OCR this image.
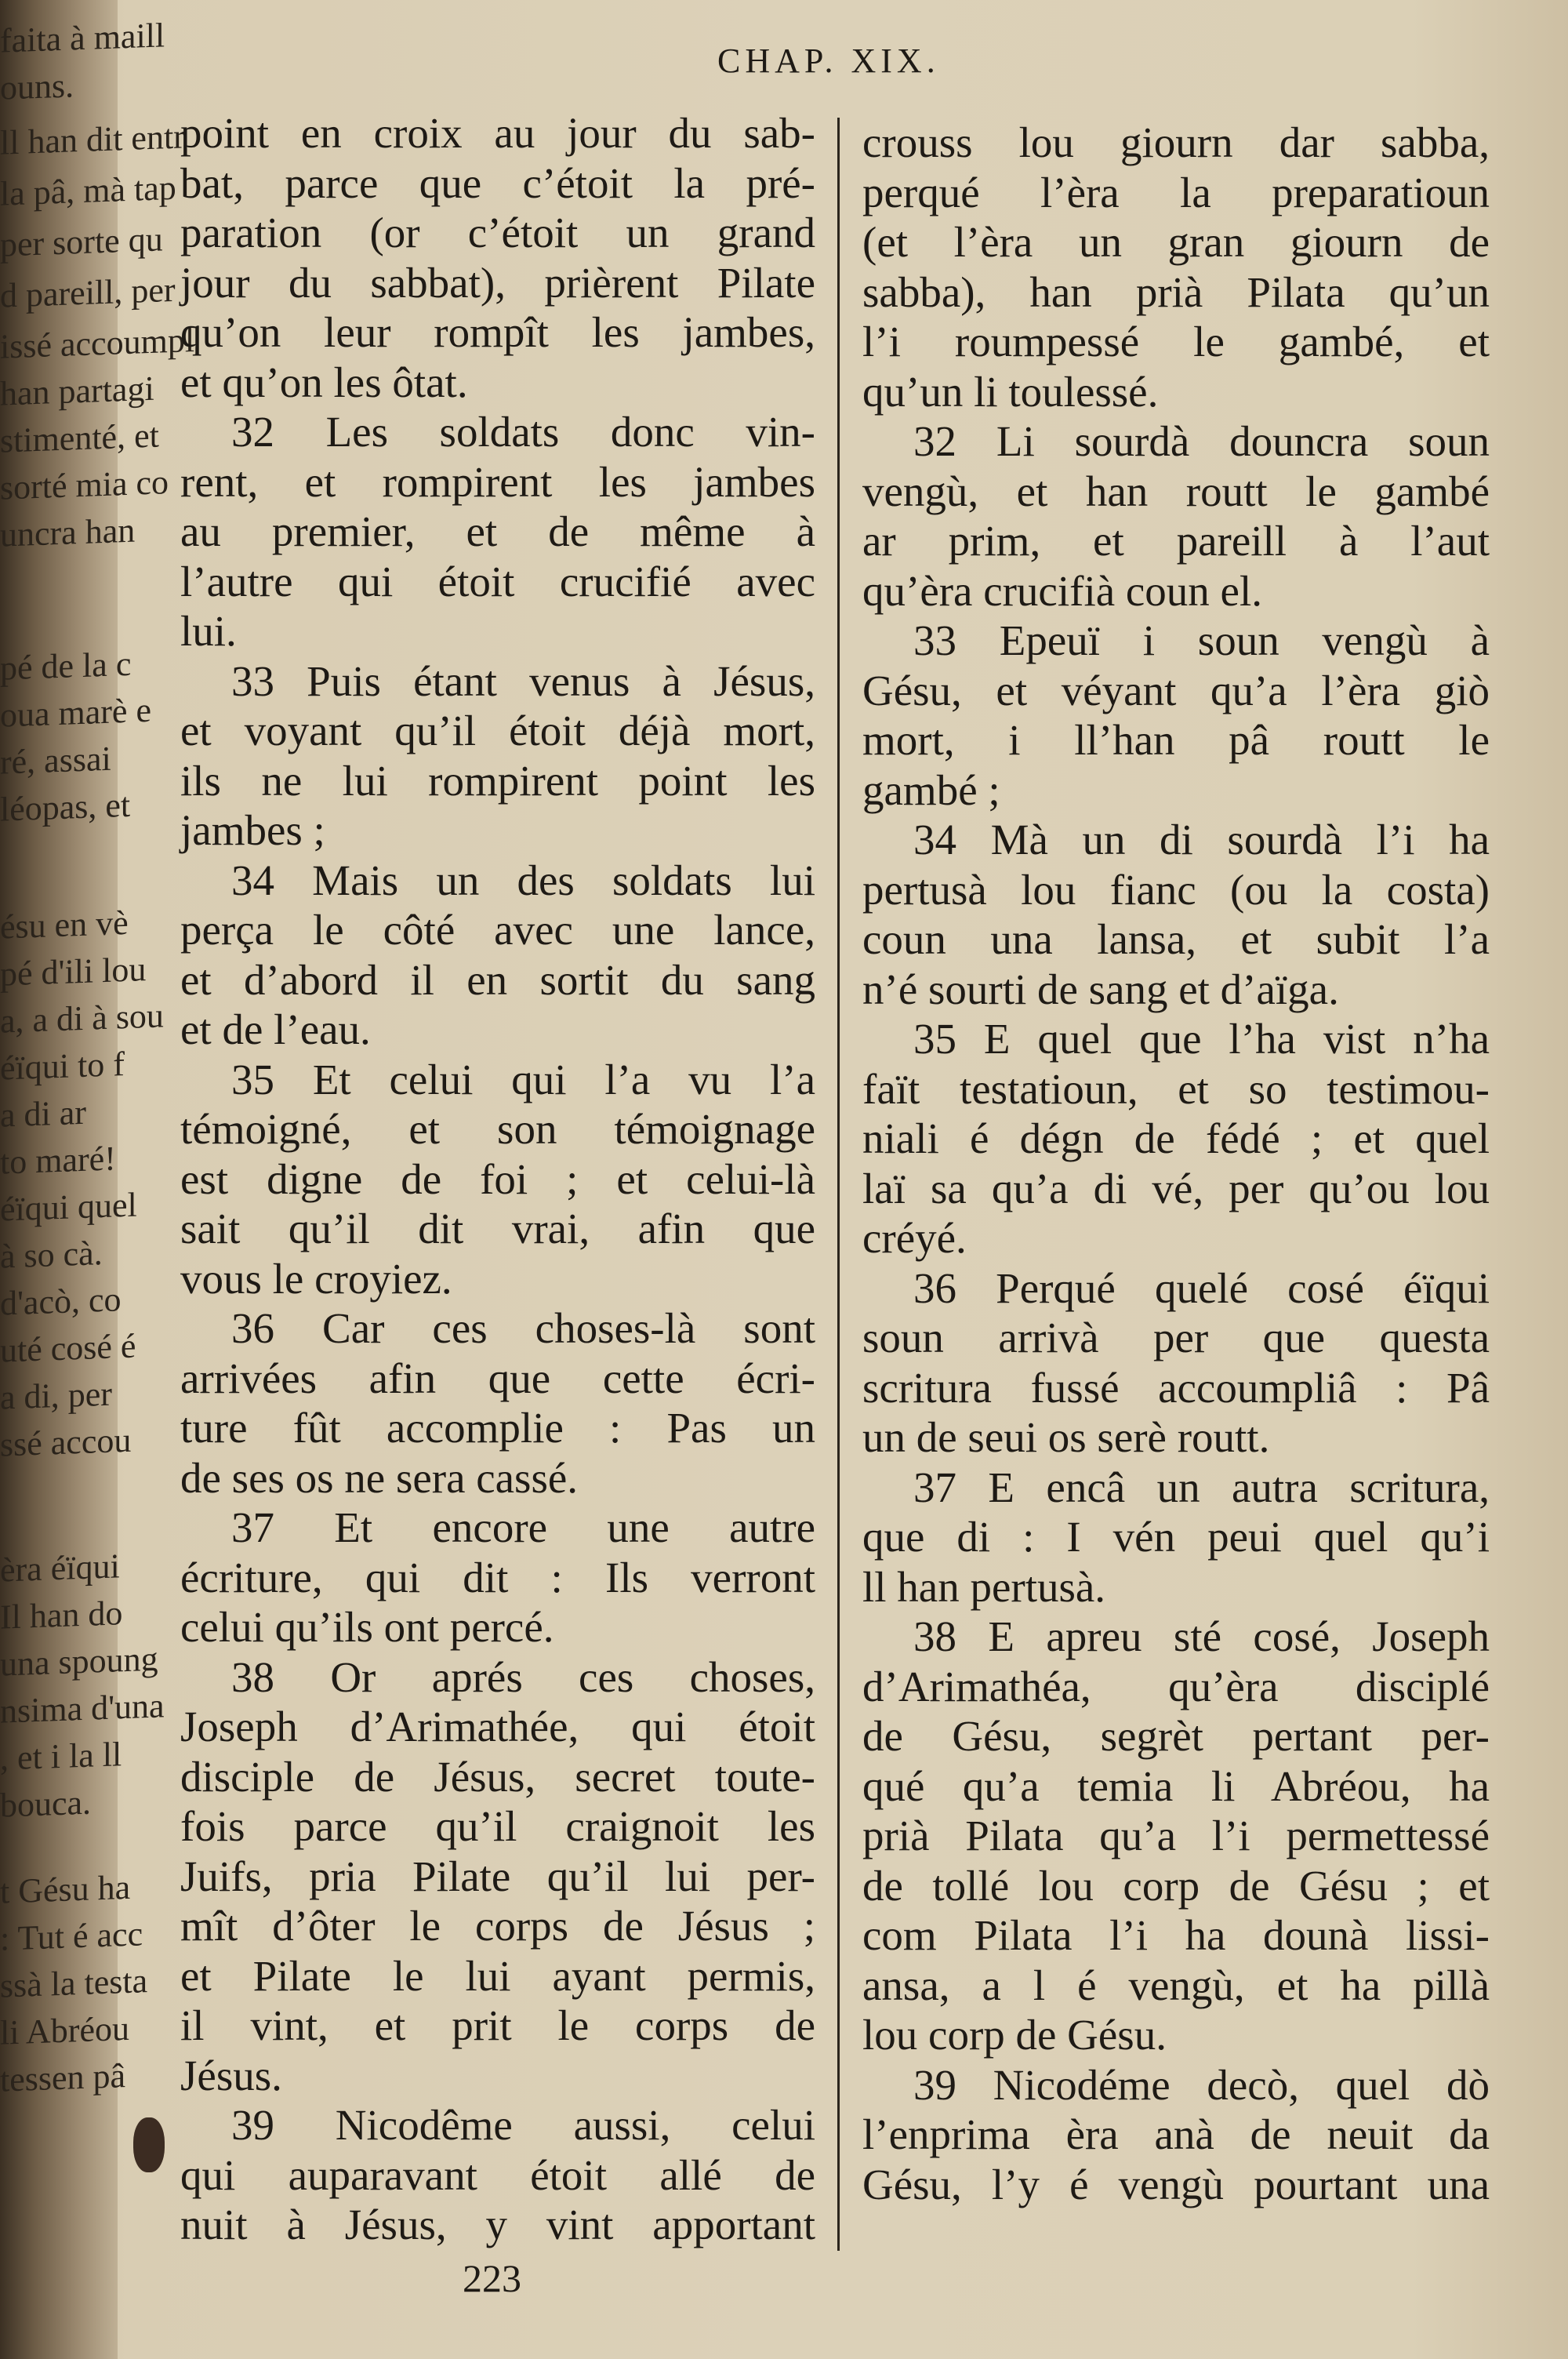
faita à maill
ouns.
ll han dit entr
la pâ, mà tap
per sorte qu
d pareill, per
issé accoumpl
han partagi
stimenté, et
sorté mia co
uncra han
pé de la c
oua marè e
ré, assai
léopas, et
ésu en vè
pé d'ili lou
a, a di à sou
éïqui to f
a di ar
to maré!
éïqui quel
à so cà.
d'acò, co
uté cosé é
a di, per
ssé accou
èra éïqui
Il han do
una spoung
nsima d'una
, et i la ll
bouca.
t Gésu ha
: Tut é acc
ssà la testa
li Abréou
tessen pâ
CHAP. XIX.
point en croix au jour du sab-
bat, parce que c’étoit la pré-
paration (or c’étoit un grand
jour du sabbat), prièrent Pilate
qu’on leur rompît les jambes,
et qu’on les ôtat.
32 Les soldats donc vin-
rent, et rompirent les jambes
au premier, et de même à
l’autre qui étoit crucifié avec
lui.
33 Puis étant venus à Jésus,
et voyant qu’il étoit déjà mort,
ils ne lui rompirent point les
jambes ;
34 Mais un des soldats lui
perça le côté avec une lance,
et d’abord il en sortit du sang
et de l’eau.
35 Et celui qui l’a vu l’a
témoigné, et son témoignage
est digne de foi ; et celui-là
sait qu’il dit vrai, afin que
vous le croyiez.
36 Car ces choses-là sont
arrivées afin que cette écri-
ture fût accomplie : Pas un
de ses os ne sera cassé.
37 Et encore une autre
écriture, qui dit : Ils verront
celui qu’ils ont percé.
38 Or aprés ces choses,
Joseph d’Arimathée, qui étoit
disciple de Jésus, secret toute-
fois parce qu’il craignoit les
Juifs, pria Pilate qu’il lui per-
mît d’ôter le corps de Jésus ;
et Pilate le lui ayant permis,
il vint, et prit le corps de
Jésus.
39 Nicodême aussi, celui
qui auparavant étoit allé de
nuit à Jésus, y vint apportant
crouss lou giourn dar sabba,
perqué l’èra la preparatioun
(et l’èra un gran giourn de
sabba), han prià Pilata qu’un
l’i roumpessé le gambé, et
qu’un li toulessé.
32 Li sourdà douncra soun
vengù, et han routt le gambé
ar prim, et pareill à l’aut
qu’èra crucifià coun el.
33 Epeuï i soun vengù à
Gésu, et véyant qu’a l’èra giò
mort, i ll’han pâ routt le
gambé ;
34 Mà un di sourdà l’i ha
pertusà lou fianc (ou la costa)
coun una lansa, et subit l’a
n’é sourti de sang et d’aïga.
35 E quel que l’ha vist n’ha
faït testatioun, et so testimou-
niali é dégn de fédé ; et quel
laï sa qu’a di vé, per qu’ou lou
créyé.
36 Perqué quelé cosé éïqui
soun arrivà per que questa
scritura fussé accoumpliâ : Pâ
un de seui os serè routt.
37 E encâ un autra scritura,
que di : I vén peui quel qu’i
ll han pertusà.
38 E apreu sté cosé, Joseph
d’Arimathéa, qu’èra disciplé
de Gésu, segrèt pertant per-
qué qu’a temia li Abréou, ha
prià Pilata qu’a l’i permettessé
de tollé lou corp de Gésu ; et
com Pilata l’i ha dounà lissi-
ansa, a l é vengù, et ha pillà
lou corp de Gésu.
39 Nicodéme decò, quel dò
l’enprima èra anà de neuit da
Gésu, l’y é vengù pourtant una
223
